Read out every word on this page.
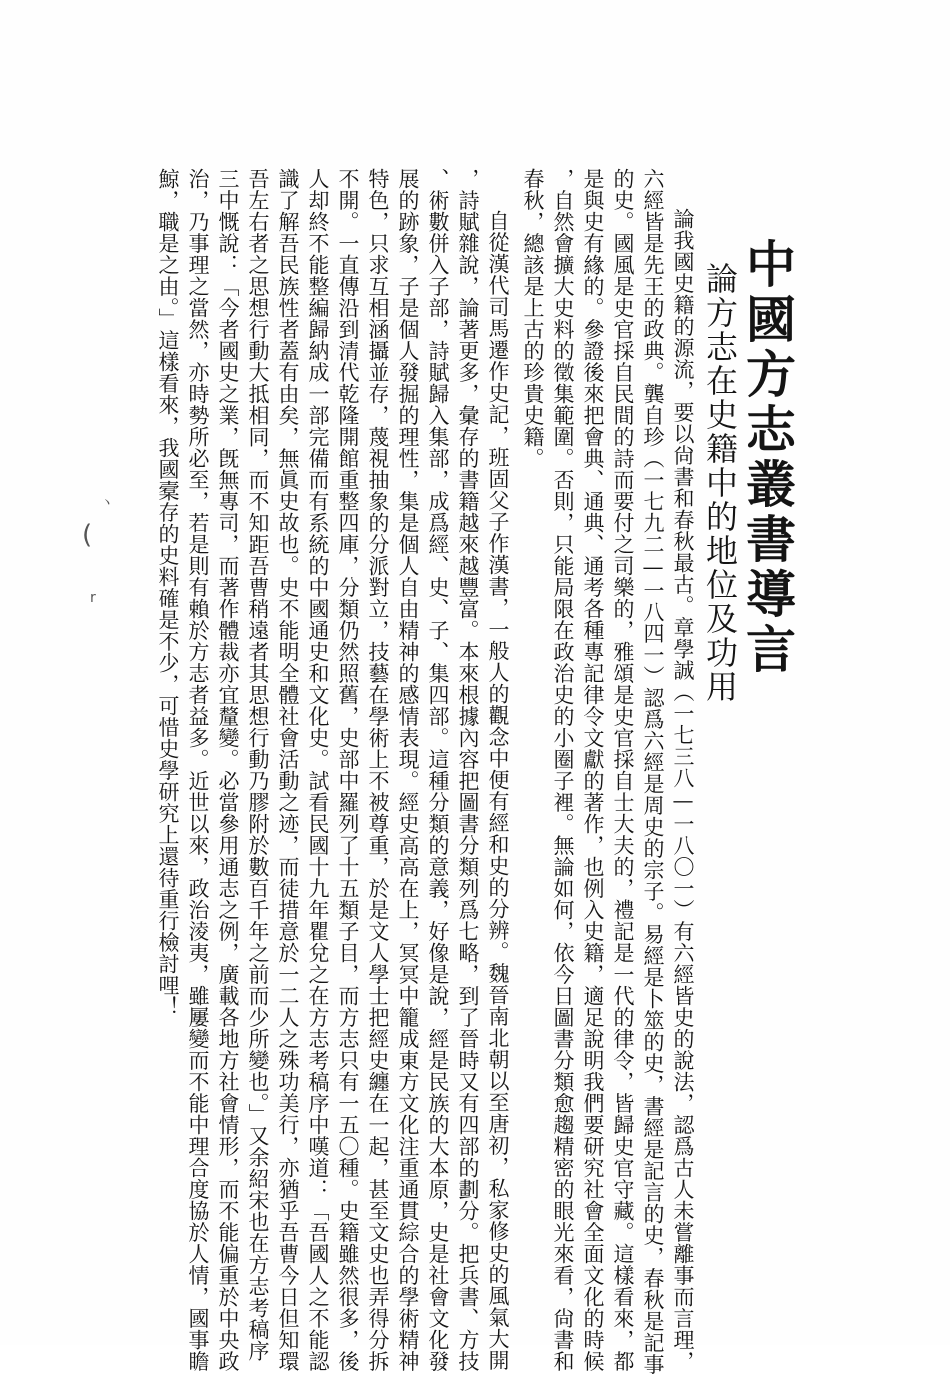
中國方志叢書導言
論方志在史籍中的地位及功用
論我國史籍的源流，要以尙書和春秋最古。章學誠（一七三八—一八〇一）有六經皆史的說法，認爲古人未嘗離事而言理，
六經皆是先王的政典。龔自珍（一七九二—一八四一）認爲六經是周史的宗子。易經是卜筮的史，書經是記言的史，春秋是記事
的史。國風是史官採自民間的詩而要付之司樂的，雅頌是史官採自士大夫的，禮記是一代的律令，皆歸史官守藏。這樣看來，都
是與史有緣的。參證後來把會典、通典、通考各種專記律令文獻的著作，也例入史籍，適足說明我們要研究社會全面文化的時候
，自然會擴大史料的徵集範圍。否則，只能局限在政治史的小圈子裡。無論如何，依今日圖書分類愈趨精密的眼光來看，尙書和
春秋，總該是上古的珍貴史籍。
自從漢代司馬遷作史記，班固父子作漢書，一般人的觀念中便有經和史的分辨。魏晉南北朝以至唐初，私家修史的風氣大開
，詩賦雜說，論著更多，彙存的書籍越來越豐富。本來根據內容把圖書分類列爲七略，到了晉時又有四部的劃分。把兵書、方技
、術數併入子部，詩賦歸入集部，成爲經、史、子、集四部。這種分類的意義，好像是說，經是民族的大本原，史是社會文化發
展的跡象，子是個人發掘的理性，集是個人自由精神的感情表現。經史高高在上，冥冥中籠成東方文化注重通貫綜合的學術精神
特色，只求互相涵攝並存，蔑視抽象的分派對立，技藝在學術上不被尊重，於是文人學士把經史纏在一起，甚至文史也弄得分拆
不開。一直傳沿到清代乾隆開館重整四庫，分類仍然照舊，史部中羅列了十五類子目，而方志只有一五〇種。史籍雖然很多，後
人却終不能整編歸納成一部完備而有系統的中國通史和文化史。試看民國十九年瞿兌之在方志考稿序中嘆道：「吾國人之不能認
識了解吾民族性者蓋有由矣，無眞史故也。史不能明全體社會活動之迹，而徒措意於一二人之殊功美行，亦猶乎吾曹今日但知環
吾左右者之思想行動大抵相同，而不知距吾曹稍遠者其思想行動乃膠附於數百千年之前而少所變也。」又余紹宋也在方志考稿序
三中慨說：「今者國史之業，旣無專司，而著作體裁亦宜釐變。必當參用通志之例，廣載各地方社會情形，而不能偏重於中央政
治，乃事理之當然，亦時勢所必至，若是則有賴於方志者益多。近世以來，政治淩夷，雖屢變而不能中理合度協於人情，國事瞻
鯨，職是之由。」這樣看來，我國槖存的史料確是不少，可惜史學研究上還待重行檢討哩！
(
ヽ
r
